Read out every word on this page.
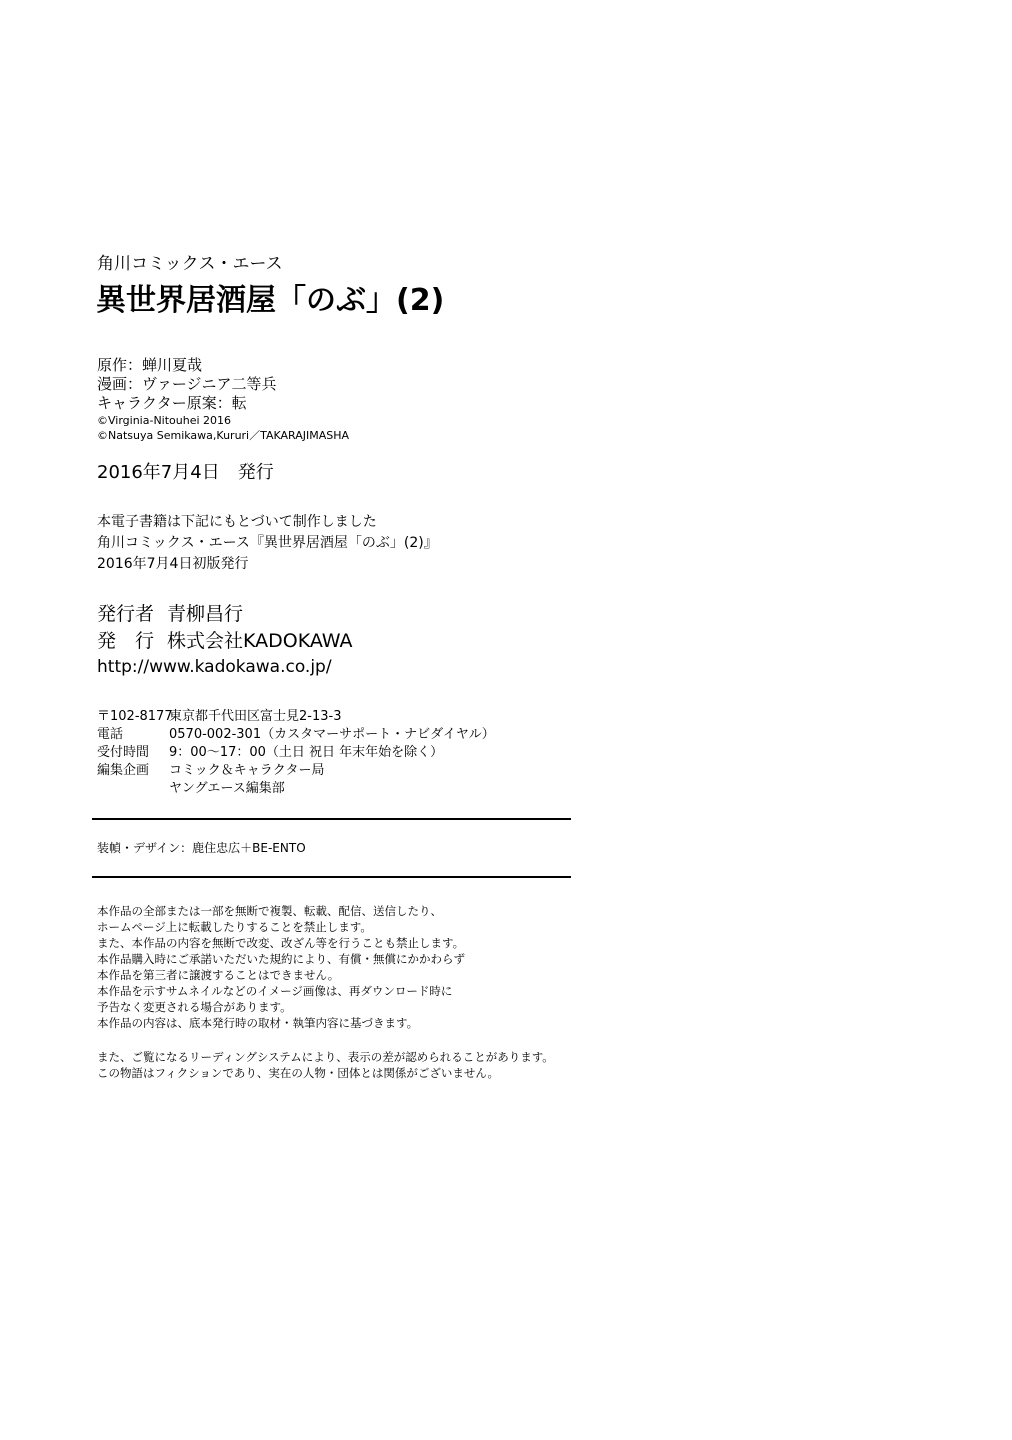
角川コミックス・エース
異世界居酒屋「のぶ」(2)
原作：蝉川夏哉
漫画：ヴァージニア二等兵
キャラクター原案：転
©Virginia-Nitouhei 2016
©Natsuya Semikawa,Kururi／TAKARAJIMASHA
2016年7月4日　発行
本電子書籍は下記にもとづいて制作しました
角川コミックス・エース『異世界居酒屋「のぶ」(2)』
2016年7月4日初版発行
発行者 青柳昌行
発　行 株式会社KADOKAWA
http://www.kadokawa.co.jp/
〒102-8177東京都千代田区富士見2-13-3
電話	0570-002-301（カスタマーサポート・ナビダイヤル）
受付時間 9：00〜17：00（土日 祝日 年末年始を除く）
編集企画 コミック＆キャラクター局
ヤングエース編集部
装幀・デザイン：鹿住忠広＋BE-ENTO
本作品の全部または一部を無断で複製、転載、配信、送信したり、
ホームページ上に転載したりすることを禁止します。
また、本作品の内容を無断で改変、改ざん等を行うことも禁止します。
本作品購入時にご承諾いただいた規約により、有償・無償にかかわらず
本作品を第三者に譲渡することはできません。
本作品を示すサムネイルなどのイメージ画像は、再ダウンロード時に
予告なく変更される場合があります。
本作品の内容は、底本発行時の取材・執筆内容に基づきます。
また、ご覧になるリーディングシステムにより、表示の差が認められることがあります。
この物語はフィクションであり、実在の人物・団体とは関係がございません。
